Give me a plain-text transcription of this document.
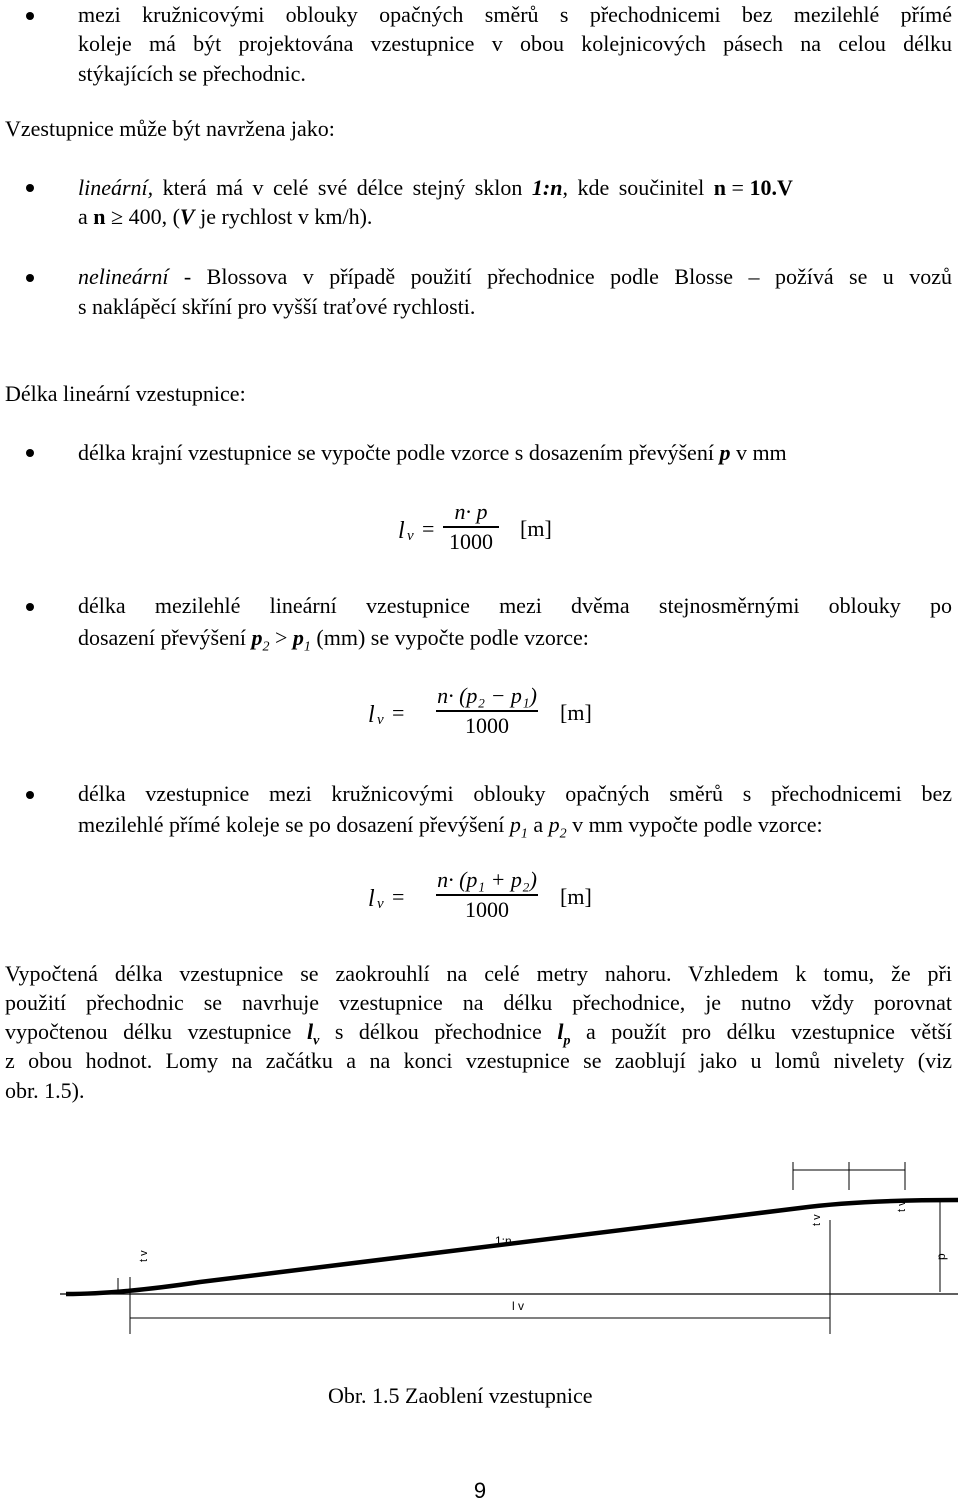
mezi kružnicovými oblouky opačných směrů s přechodnicemi bez mezilehlé přímé
koleje má být projektována vzestupnice v obou kolejnicových pásech na celou délku
stýkajících se přechodnic.
Vzestupnice může být navržena jako:
lineární, která má v celé své délce stejný sklon 1:n, kde součinitel n = 10.V
a n ≥ 400, (V je rychlost v km/h).
nelineární - Blossova v případě použití přechodnice podle Blosse – požívá se u vozů
s naklápěcí skříní pro vyšší traťové rychlosti.
Délka lineární vzestupnice:
délka krajní vzestupnice se vypočte podle vzorce s dosazením převýšení p v mm
l v =
n· p
1000 [m]
délka mezilehlé lineární vzestupnice mezi dvěma stejnosměrnými oblouky po
dosazení převýšení $p_2 > p_1$ (mm) se vypočte podle vzorce:
l v =
n· (p₂ − p₁)
1000	[m]
délka vzestupnice mezi kružnicovými oblouky opačných směrů s přechodnicemi bez
mezilehlé přímé koleje se po dosazení převýšení $p_1$ a $p_2$ v mm vypočte podle vzorce:
l v =
n· (p₁ + p₂)
1000	[m]
Vypočtená délka vzestupnice se zaokrouhlí na celé metry nahoru. Vzhledem k tomu, že při
použití přechodnic se navrhuje vzestupnice na délku přechodnice, je nutno vždy porovnat
vypočtenou délku vzestupnice $l_v$ s délkou přechodnice $l_p$ a použít pro délku vzestupnice větší
z obou hodnot. Lomy na začátku a na konci vzestupnice se zaoblují jako u lomů nivelety (viz
obr. 1.5).
l v
1:n
t v
t v
t v
p
Obr. 1.5 Zaoblení vzestupnice
9
